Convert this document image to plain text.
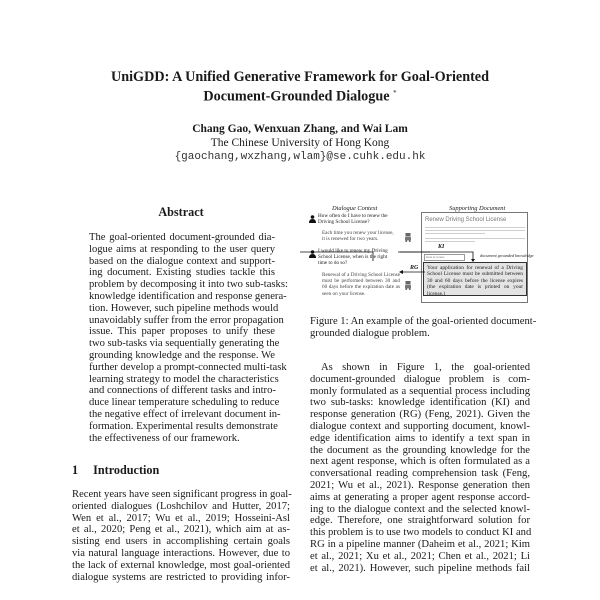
UniGDD: A Unified Generative Framework for Goal-Oriented
Document-Grounded Dialogue *
Chang Gao, Wenxuan Zhang, and Wai Lam
The Chinese University of Hong Kong
{gaochang,wxzhang,wlam}@se.cuhk.edu.hk
Abstract
The goal-oriented document-grounded dia-
logue aims at responding to the user query
based on the dialogue context and support-
ing document. Existing studies tackle this
problem by decomposing it into two sub-tasks:
knowledge identification and response genera-
tion. However, such pipeline methods would
unavoidably suffer from the error propagation
issue. This paper proposes to unify these
two sub-tasks via sequentially generating the
grounding knowledge and the response. We
further develop a prompt-connected multi-task
learning strategy to model the characteristics
and connections of different tasks and intro-
duce linear temperature scheduling to reduce
the negative effect of irrelevant document in-
formation. Experimental results demonstrate
the effectiveness of our framework.
1 Introduction
Recent years have seen significant progress in goal-
oriented dialogues (Loshchilov and Hutter, 2017;
Wen et al., 2017; Wu et al., 2019; Hosseini-Asl
et al., 2020; Peng et al., 2021), which aim at as-
sisting end users in accomplishing certain goals
via natural language interactions. However, due to
the lack of external knowledge, most goal-oriented
dialogue systems are restricted to providing infor-
Dialogue Context	Supporting Document
How often do I have to renew the
Driving School License?
Each time you renew your license,
it is renewed for two years.
I would like to renew my Driving
School License, when is the right
time to do so?
Renewal of a Driving School License must be performed between 30 and 60 days before the expiration date as seen on your license.
Renew Driving School License
How to renew	document grounded knowledge
Your application for renewal of a Driving School License must be submitted between 30 and 60 days before the license expires (the expiration date is printed on your license.)
KI
RG
Figure 1: An example of the goal-oriented document-
grounded dialogue problem.
As shown in Figure 1, the goal-oriented
document-grounded dialogue problem is com-
monly formulated as a sequential process including
two sub-tasks: knowledge identification (KI) and
response generation (RG) (Feng, 2021). Given the
dialogue context and supporting document, knowl-
edge identification aims to identify a text span in
the document as the grounding knowledge for the
next agent response, which is often formulated as a
conversational reading comprehension task (Feng,
2021; Wu et al., 2021). Response generation then
aims at generating a proper agent response accord-
ing to the dialogue context and the selected knowl-
edge. Therefore, one straightforward solution for
this problem is to use two models to conduct KI and
RG in a pipeline manner (Daheim et al., 2021; Kim
et al., 2021; Xu et al., 2021; Chen et al., 2021; Li
et al., 2021). However, such pipeline methods fail
